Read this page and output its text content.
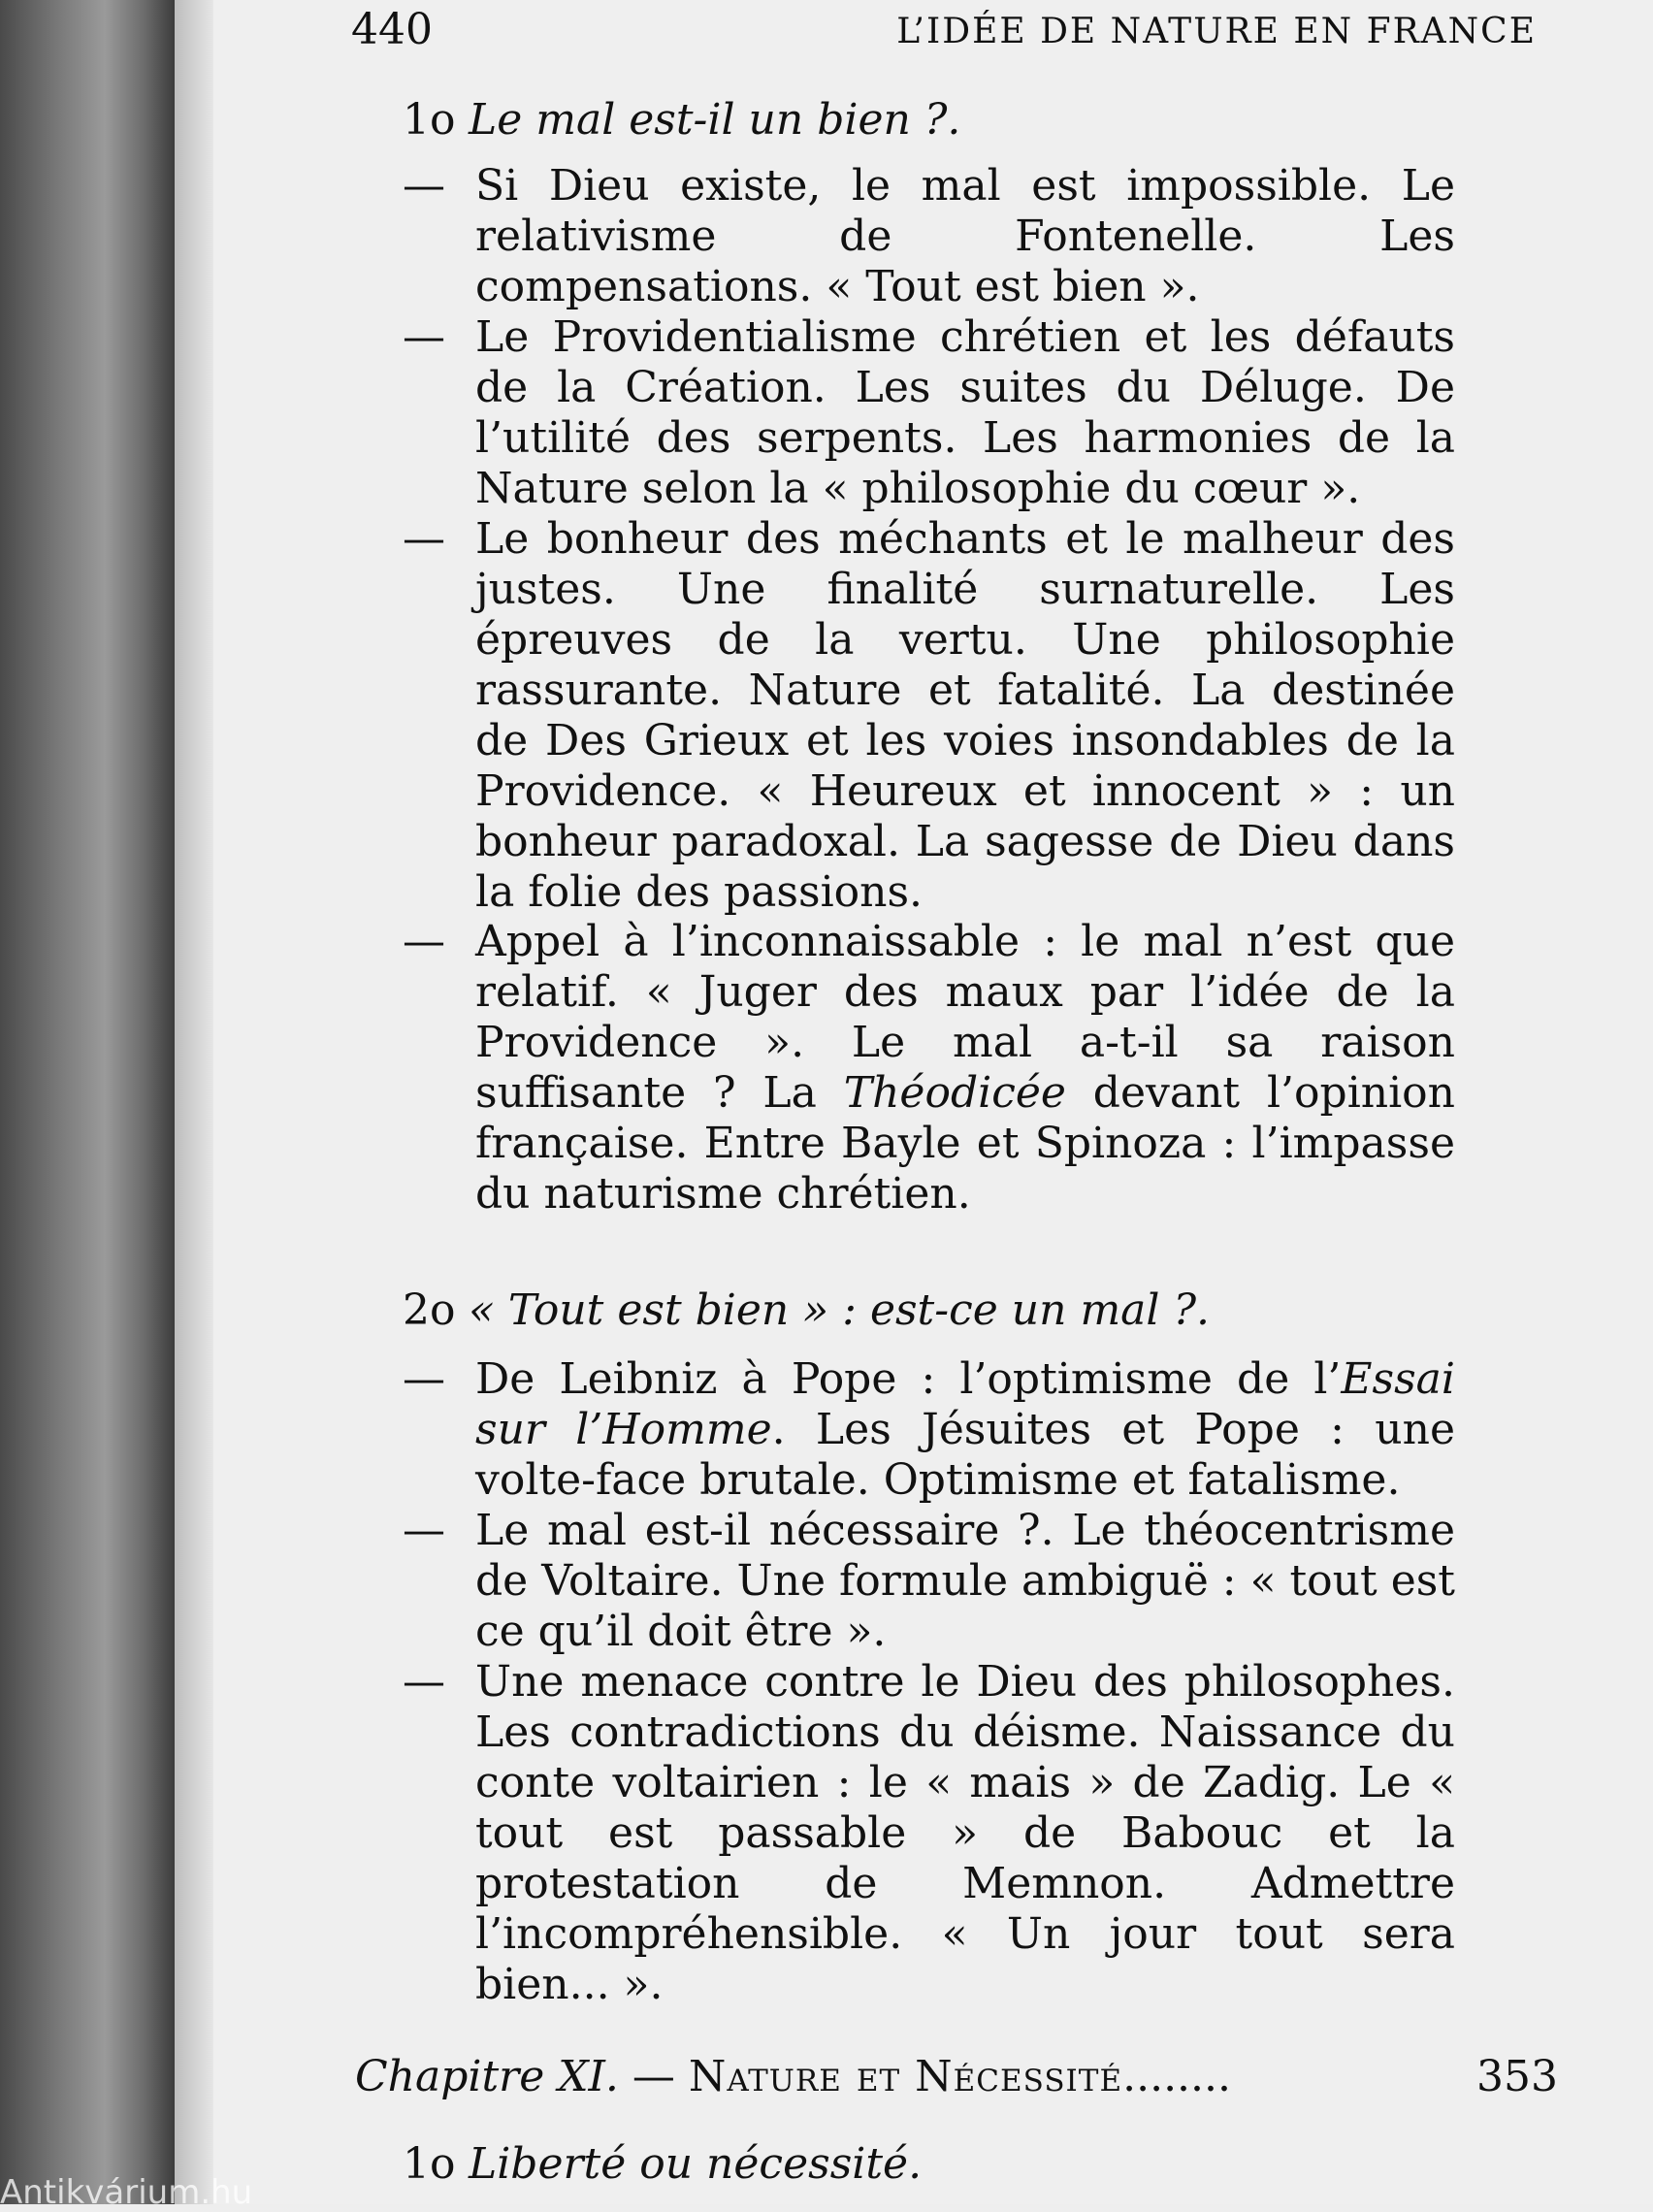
440	L’IDÉE DE NATURE EN FRANCE

1o Le mal est-il un bien ?.

— Si Dieu existe, le mal est impossible. Le relativisme de Fontenelle. Les compensations. « Tout est bien ».

— Le Providentialisme chrétien et les défauts de la Création. Les suites du Déluge. De l’utilité des serpents. Les harmonies de la Nature selon la « philosophie du cœur ».

— Le bonheur des méchants et le malheur des justes. Une finalité surnaturelle. Les épreuves de la vertu. Une philosophie rassurante. Nature et fatalité. La destinée de Des Grieux et les voies insondables de la Providence. « Heureux et innocent » : un bonheur paradoxal. La sagesse de Dieu dans la folie des passions.

— Appel à l’inconnaissable : le mal n’est que relatif. « Juger des maux par l’idée de la Providence ». Le mal a-t-il sa raison suffisante ? La Théodicée devant l’opinion française. Entre Bayle et Spinoza : l’impasse du naturisme chrétien.

2o « Tout est bien » : est-ce un mal ?.

— De Leibniz à Pope : l’optimisme de l’Essai sur l’Homme. Les Jésuites et Pope : une volte-face brutale. Optimisme et fatalisme.

— Le mal est-il nécessaire ?. Le théocentrisme de Voltaire. Une formule ambiguë : « tout est ce qu’il doit être ».

— Une menace contre le Dieu des philosophes. Les contradictions du déisme. Naissance du conte voltairien : le « mais » de Zadig. Le « tout est passable » de Babouc et la protestation de Memnon. Admettre l’incompréhensible. « Un jour tout sera bien... ».

Chapitre XI. — Nature et Nécessité........	353

1o Liberté ou nécessité.

Antikvárium.hu
